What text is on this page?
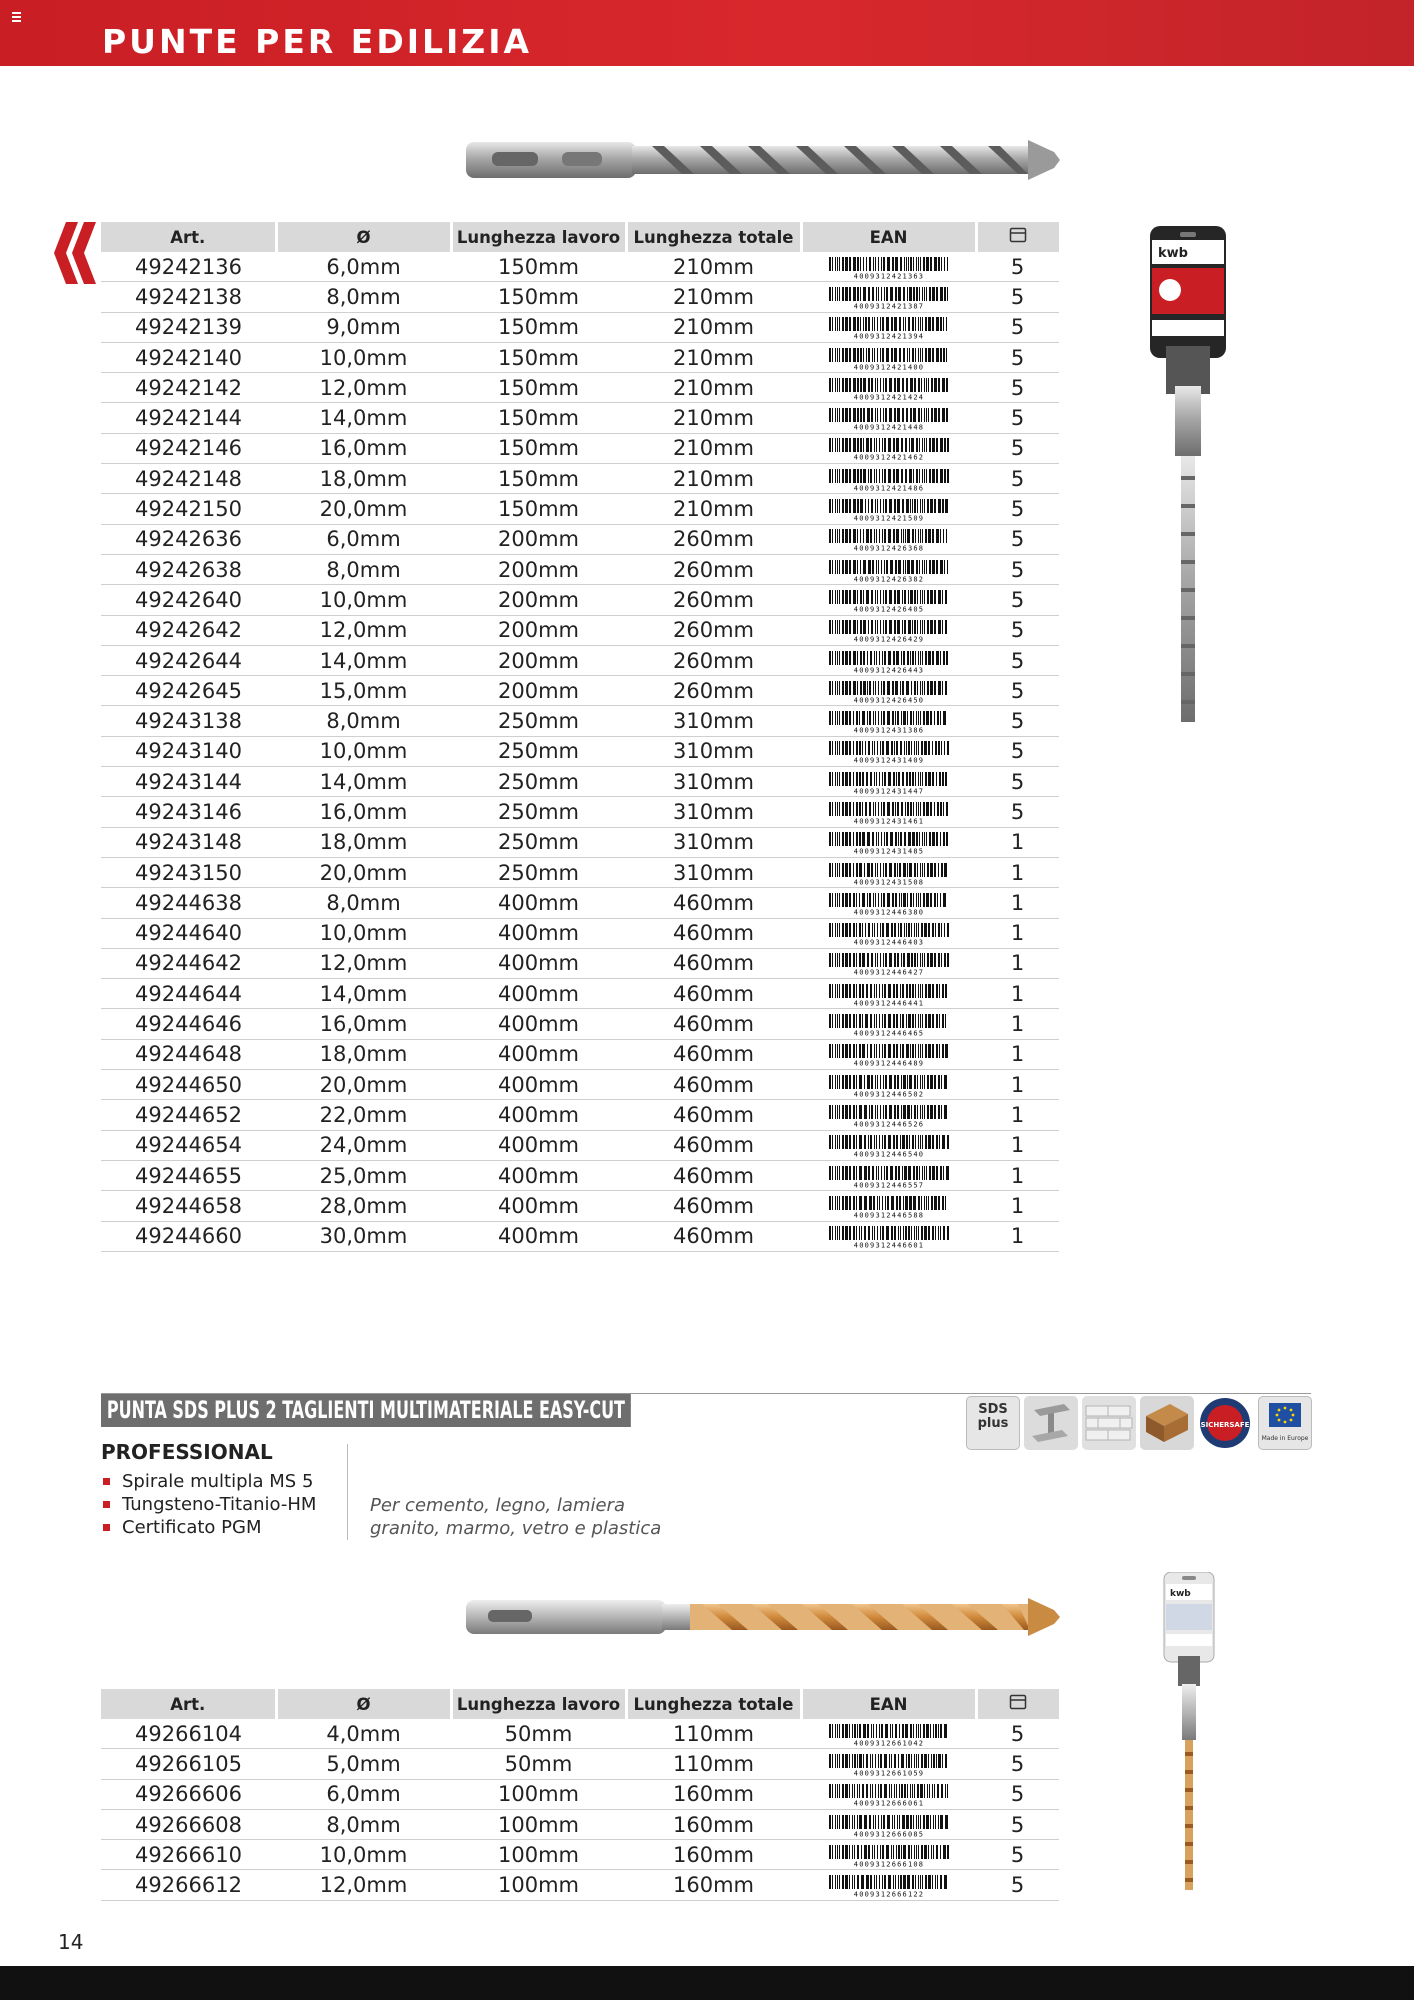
PUNTE PER EDILIZIA
kwb
Art.	Ø	Lunghezza lavoro	Lunghezza totale	EAN	
49242136	6,0mm	150mm	210mm	4009312421363	5
49242138	8,0mm	150mm	210mm	4009312421387	5
49242139	9,0mm	150mm	210mm	4009312421394	5
49242140	10,0mm	150mm	210mm	4009312421400	5
49242142	12,0mm	150mm	210mm	4009312421424	5
49242144	14,0mm	150mm	210mm	4009312421448	5
49242146	16,0mm	150mm	210mm	4009312421462	5
49242148	18,0mm	150mm	210mm	4009312421486	5
49242150	20,0mm	150mm	210mm	4009312421509	5
49242636	6,0mm	200mm	260mm	4009312426368	5
49242638	8,0mm	200mm	260mm	4009312426382	5
49242640	10,0mm	200mm	260mm	4009312426405	5
49242642	12,0mm	200mm	260mm	4009312426429	5
49242644	14,0mm	200mm	260mm	4009312426443	5
49242645	15,0mm	200mm	260mm	4009312426450	5
49243138	8,0mm	250mm	310mm	4009312431386	5
49243140	10,0mm	250mm	310mm	4009312431409	5
49243144	14,0mm	250mm	310mm	4009312431447	5
49243146	16,0mm	250mm	310mm	4009312431461	5
49243148	18,0mm	250mm	310mm	4009312431485	1
49243150	20,0mm	250mm	310mm	4009312431508	1
49244638	8,0mm	400mm	460mm	4009312446380	1
49244640	10,0mm	400mm	460mm	4009312446403	1
49244642	12,0mm	400mm	460mm	4009312446427	1
49244644	14,0mm	400mm	460mm	4009312446441	1
49244646	16,0mm	400mm	460mm	4009312446465	1
49244648	18,0mm	400mm	460mm	4009312446489	1
49244650	20,0mm	400mm	460mm	4009312446502	1
49244652	22,0mm	400mm	460mm	4009312446526	1
49244654	24,0mm	400mm	460mm	4009312446540	1
49244655	25,0mm	400mm	460mm	4009312446557	1
49244658	28,0mm	400mm	460mm	4009312446588	1
49244660	30,0mm	400mm	460mm	4009312446601	1
PUNTA SDS PLUS 2 TAGLIENTI MULTIMATERIALE EASY-CUT	SDS plus	SICHERSAFE
Made in Europe
PROFESSIONAL
Spirale multipla MS 5
Tungsteno-Titanio-HM
Certificato PGM
Per cemento, legno, lamiera
granito, marmo, vetro e plastica
kwb
Art.	Ø	Lunghezza lavoro	Lunghezza totale	EAN	
49266104	4,0mm	50mm	110mm	4009312661042	5
49266105	5,0mm	50mm	110mm	4009312661059	5
49266606	6,0mm	100mm	160mm	4009312666061	5
49266608	8,0mm	100mm	160mm	4009312666085	5
49266610	10,0mm	100mm	160mm	4009312666108	5
49266612	12,0mm	100mm	160mm	4009312666122	5
14
